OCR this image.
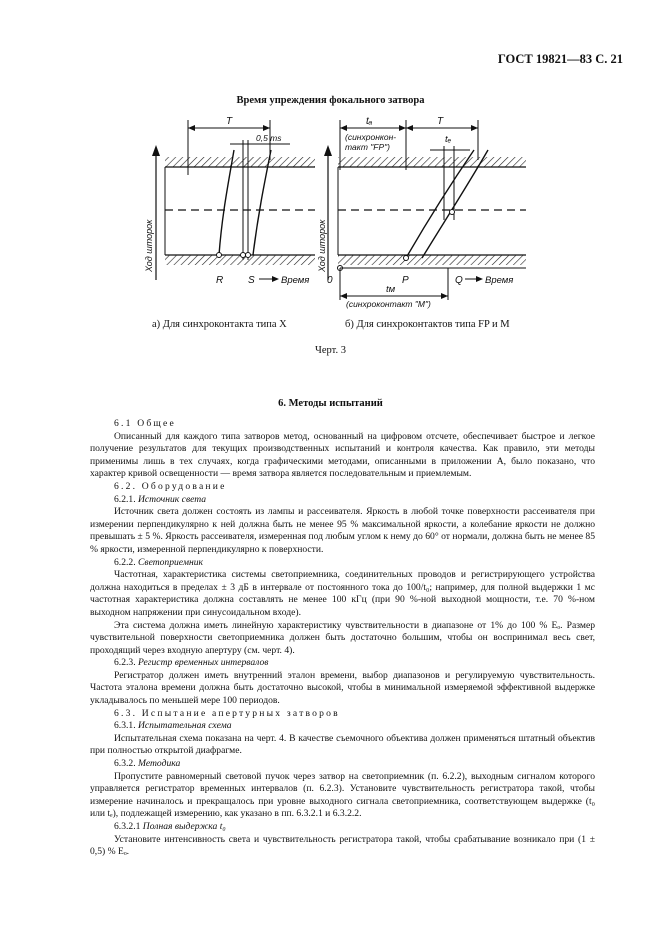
ГОСТ 19821—83 С. 21
Время упреждения фокального затвора
T
0,5 ms
R S	Время
Ход шторок
tₐ
(синхронкон-
такт "FP")
T
tₑ
0	P	Q Время
Ход шторок
tм
(синхроконтакт "М")
а) Для синхроконтакта типа X	б) Для синхроконтактов типа FP и M
Черт. 3
6. Методы испытаний

6.1 Общее

Описанный для каждого типа затворов метод, основанный на цифровом отсчете, обеспечивает быстрое и легкое получение результатов для текущих производственных испытаний и контроля качества. Как правило, эти методы применимы лишь в тех случаях, когда графическими методами, описанными в приложении А, было показано, что характер кривой освещенности — время затвора является последовательным и приемлемым.

6.2. Оборудование

6.2.1. Источник света

Источник света должен состоять из лампы и рассеивателя. Яркость в любой точке поверхности рассеивателя при измерении перпендикулярно к ней должна быть не менее 95 % максимальной яркости, а колебание яркости не должно превышать ± 5 %. Яркость рассеивателя, измеренная под любым углом к нему до 60° от нормали, должна быть не менее 85 % яркости, измеренной перпендикулярно к поверхности.

6.2.2. Светоприемник

Частотная, характеристика системы светоприемника, соединительных проводов и регистрирующего устройства должна находиться в пределах ± 3 дБ в интервале от постоянного тока до 100/t₀; например, для полной выдержки 1 мс частотная характеристика должна составлять не менее 100 кГц (при 90 %-ной выходной мощности, т.е. 70 %-ном выходном напряжении при синусоидальном входе).

Эта система должна иметь линейную характеристику чувствительности в диапазоне от 1% до 100 % Eₒ. Размер чувствительной поверхности светоприемника должен быть достаточно большим, чтобы он воспринимал весь свет, проходящий через входную апертуру (см. черт. 4).

6.2.3. Регистр временных интервалов

Регистратор должен иметь внутренний эталон времени, выбор диапазонов и регулируемую чувствительность. Частота эталона времени должна быть достаточно высокой, чтобы в минимальной измеряемой эффективной выдержке укладывалось по меньшей мере 100 периодов.

6.3. Испытание апертурных затворов

6.3.1. Испытательная схема

Испытательная схема показана на черт. 4. В качестве съемочного объектива должен применяться штатный объектив при полностью открытой диафрагме.

6.3.2. Методика

Пропустите равномерный световой пучок через затвор на светоприемник (п. 6.2.2), выходным сигналом которого управляется регистратор временных интервалов (п. 6.2.3). Установите чувствительность регистратора такой, чтобы измерение начиналось и прекращалось при уровне выходного сигнала светоприемника, соответствующем выдержке (t₀ или tₑ), подлежащей измерению, как указано в пп. 6.3.2.1 и 6.3.2.2.

6.3.2.1 Полная выдержка t₀

Установите интенсивность света и чувствительность регистратора такой, чтобы срабатывание возникало при (1 ± 0,5) % Eₒ.
